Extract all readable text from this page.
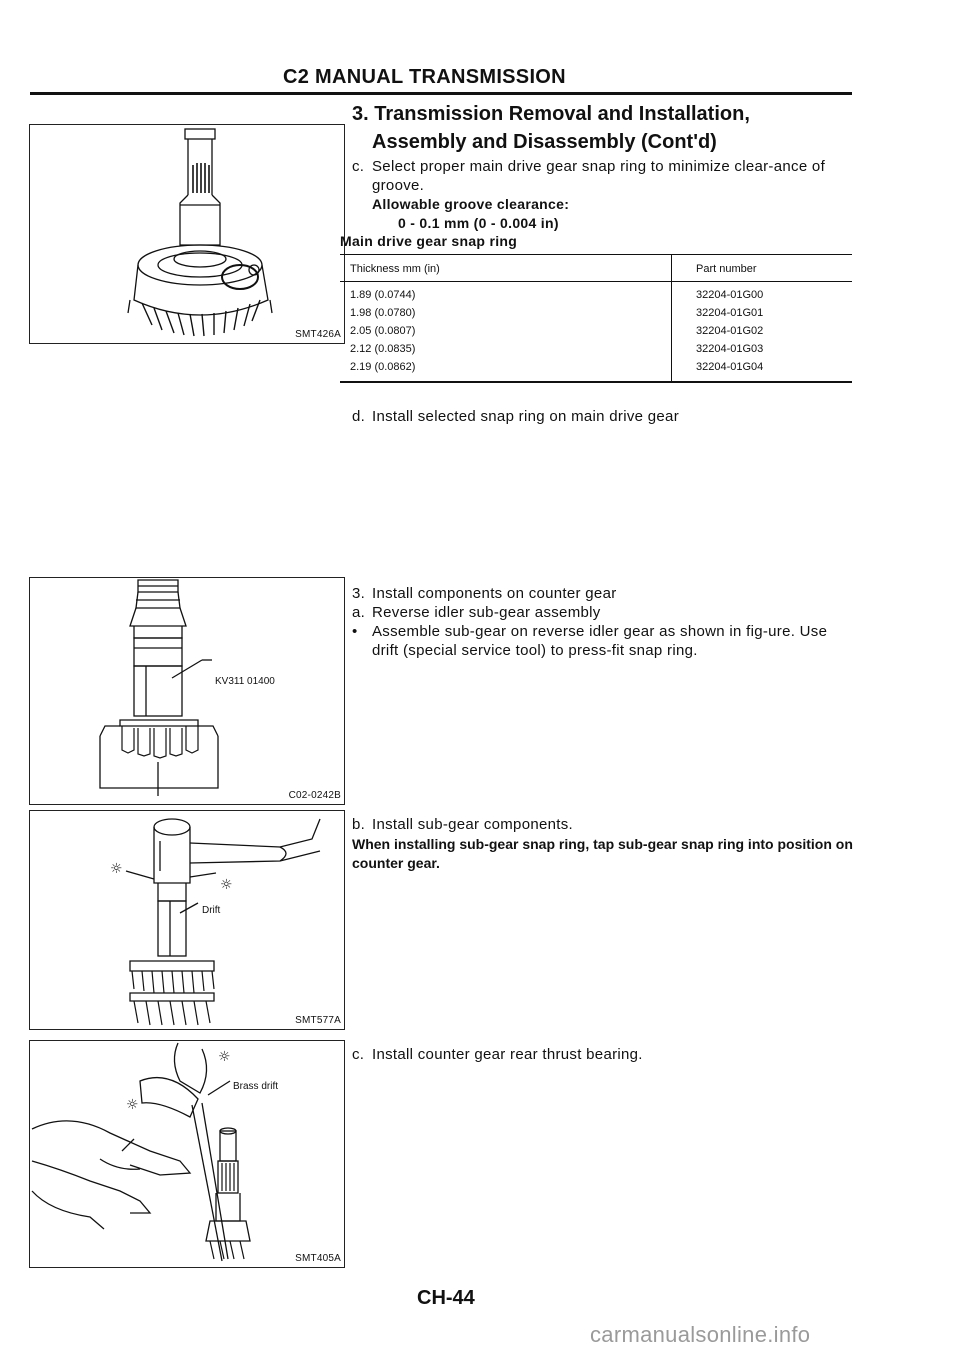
C2 MANUAL TRANSMISSION
3. Transmission Removal and Installation,
Assembly and Disassembly (Cont'd)
SMT426A
c. Select proper main drive gear snap ring to minimize clear-ance of groove.
Allowable groove clearance:
0 - 0.1 mm (0 - 0.004 in)
Main drive gear snap ring
Thickness mm (in)	Part number
1.89 (0.0744)	32204-01G00
1.98 (0.0780)	32204-01G01
2.05 (0.0807)	32204-01G02
2.12 (0.0835)	32204-01G03
2.19 (0.0862)	32204-01G04
d. Install selected snap ring on main drive gear
KV311 01400
C02-0242B
3. Install components on counter gear
a. Reverse idler sub-gear assembly
• Assemble sub-gear on reverse idler gear as shown in fig-ure. Use drift (special service tool) to press-fit snap ring.
☼
☼
Drift
SMT577A
b. Install sub-gear components.
When installing sub-gear snap ring, tap sub-gear snap ring into position on counter gear.
☼
☼
Brass drift
SMT405A
c. Install counter gear rear thrust bearing.
CH-44
carmanualsonline.info
